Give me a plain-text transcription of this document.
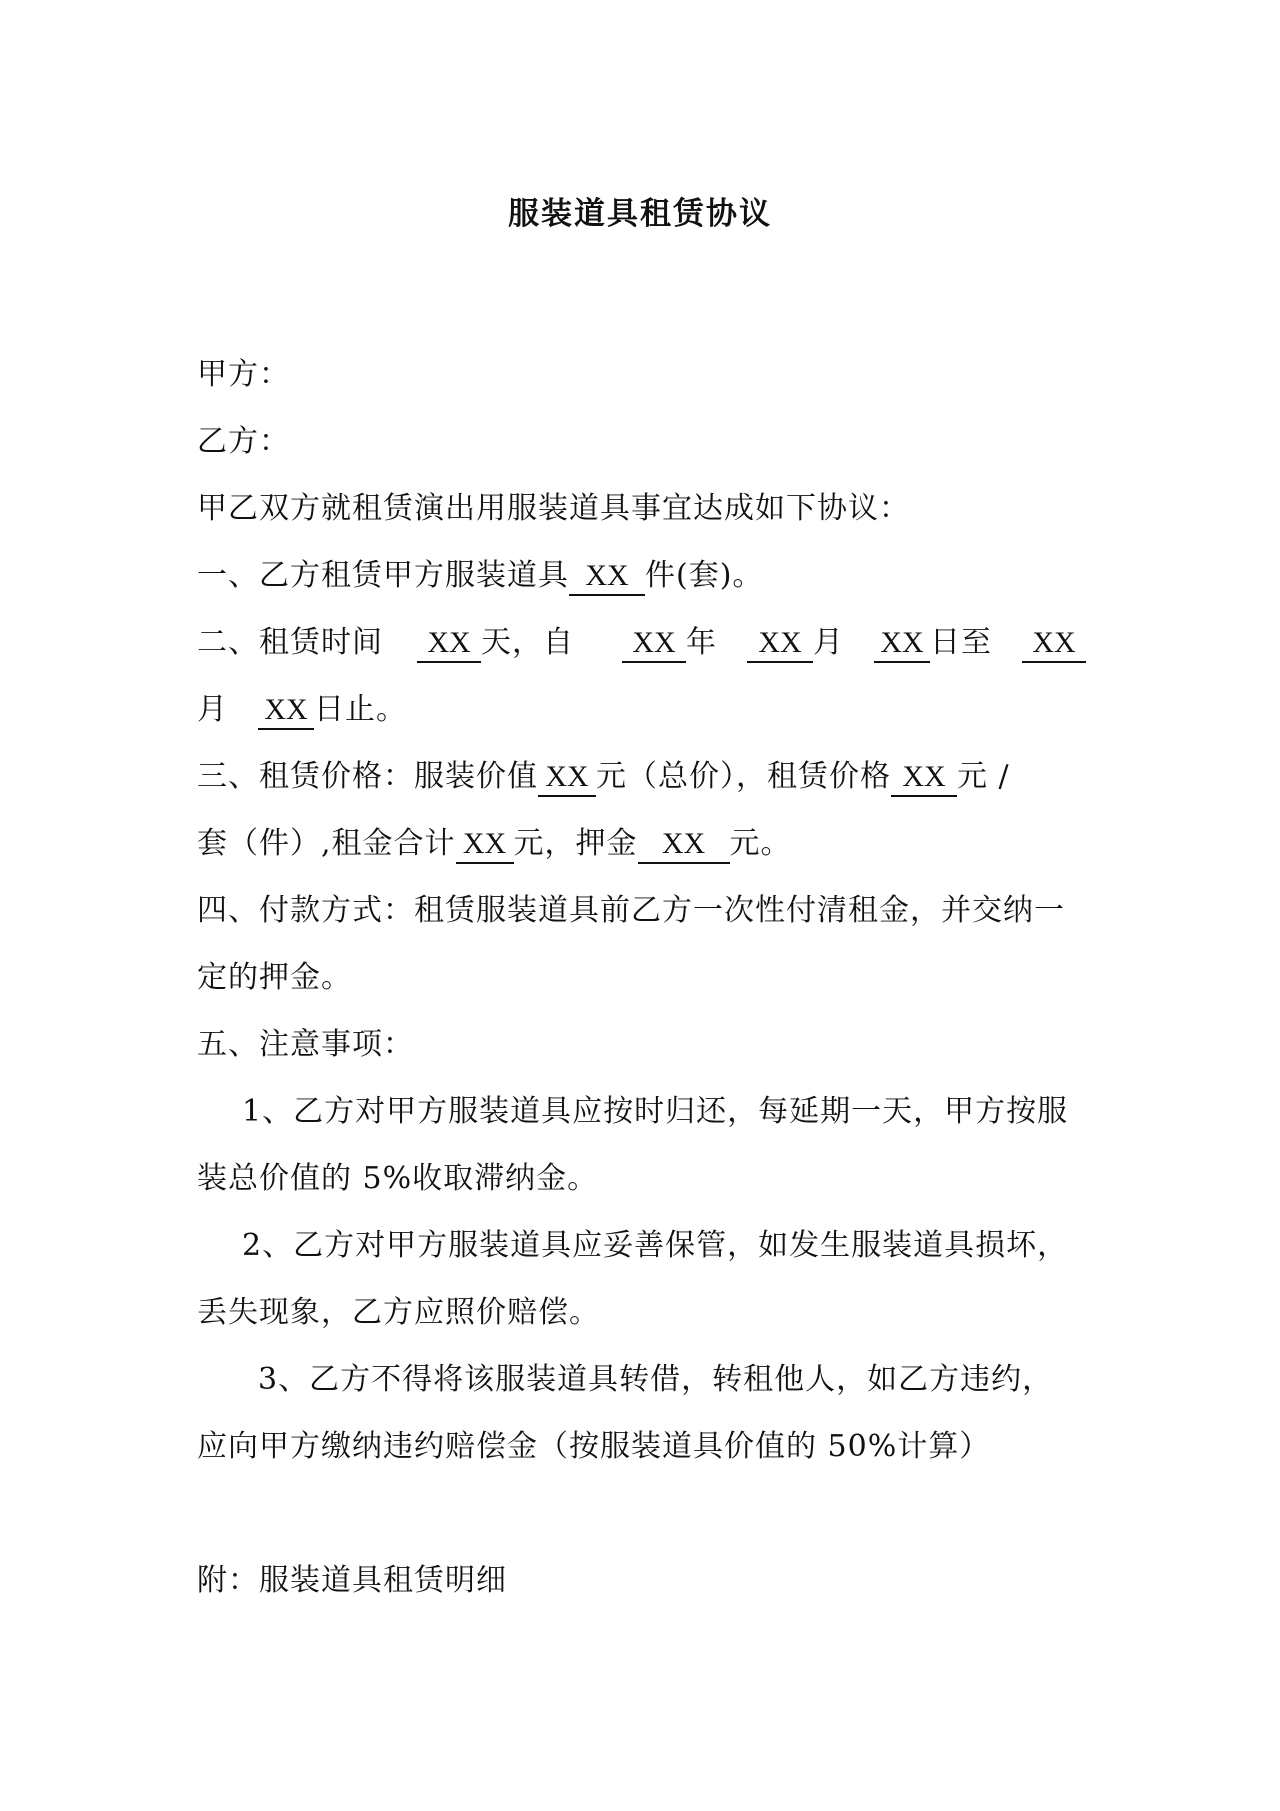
服装道具租赁协议

甲方：

乙方：

甲乙双方就租赁演出用服装道具事宜达成如下协议：

一、乙方租赁甲方服装道具 XX 件(套)。

二、租赁时间 XX 天，自 XX 年 XX 月 XX 日至 XX

月 XX 日止。

三、租赁价格：服装价值 XX 元（总价），租赁价格 XX 元 /

套（件）,租金合计 XX 元，押金 XX 元。

四、付款方式：租赁服装道具前乙方一次性付清租金，并交纳一

定的押金。

五、注意事项：

1、乙方对甲方服装道具应按时归还，每延期一天，甲方按服

装总价值的 5%收取滞纳金。

2、乙方对甲方服装道具应妥善保管，如发生服装道具损坏，

丢失现象，乙方应照价赔偿。

3、乙方不得将该服装道具转借，转租他人，如乙方违约，

应向甲方缴纳违约赔偿金（按服装道具价值的 50%计算）

附：服装道具租赁明细
